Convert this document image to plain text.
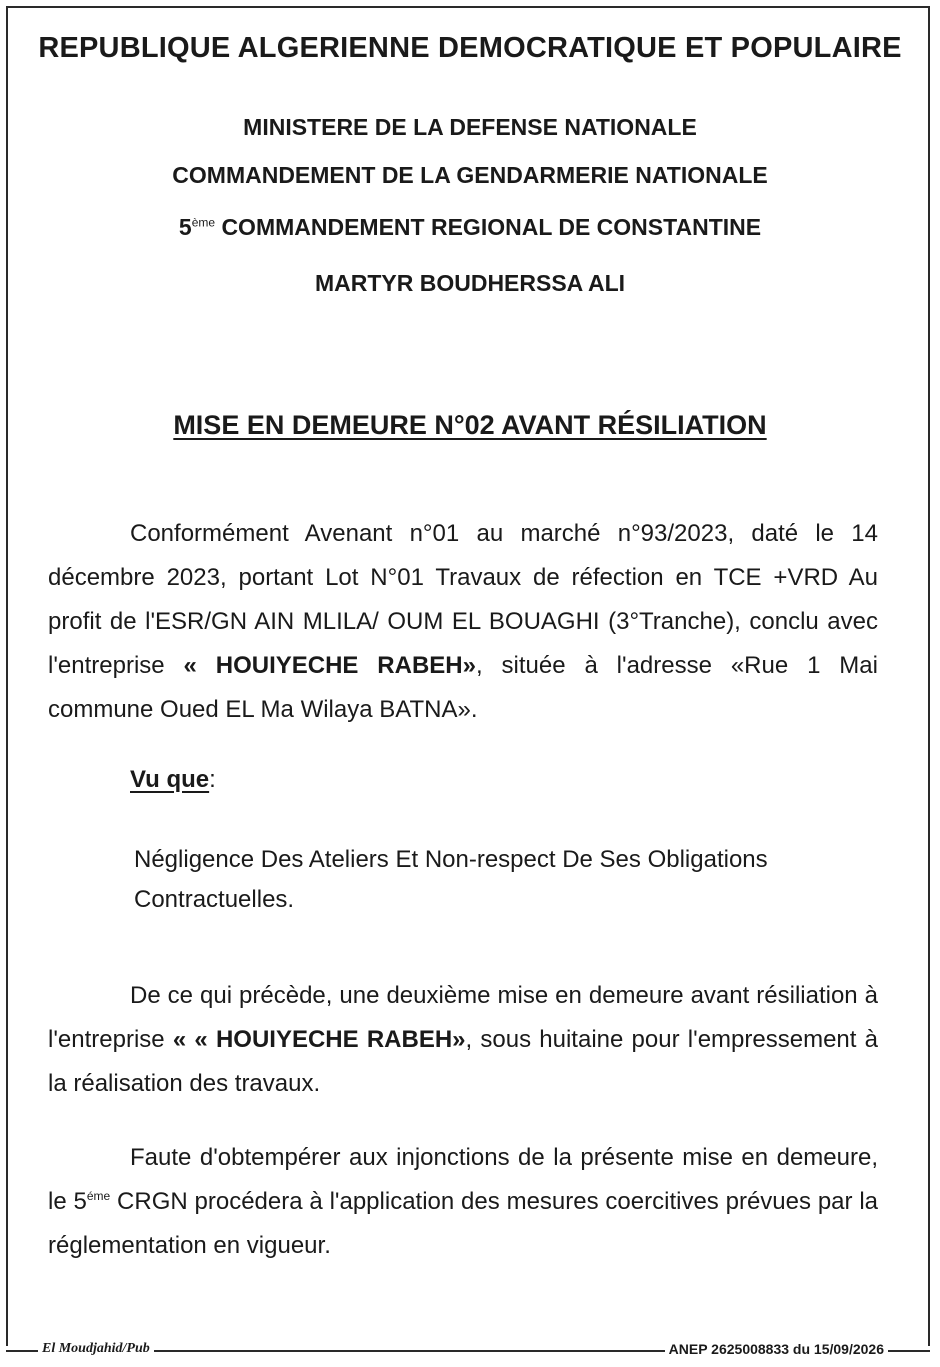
REPUBLIQUE ALGERIENNE DEMOCRATIQUE ET POPULAIRE
MINISTERE DE LA DEFENSE NATIONALE
COMMANDEMENT DE LA GENDARMERIE NATIONALE
5ème COMMANDEMENT REGIONAL DE CONSTANTINE
MARTYR BOUDHERSSA ALI
MISE EN DEMEURE N°02 AVANT RÉSILIATION
Conformément Avenant n°01 au marché n°93/2023, daté le 14 décembre 2023, portant Lot N°01 Travaux de réfection en TCE +VRD Au profit de l'ESR/GN AIN MLILA/ OUM EL BOUAGHI (3°Tranche), conclu avec l'entreprise « HOUIYECHE RABEH», située à l'adresse «Rue 1 Mai commune Oued EL Ma Wilaya BATNA».
Vu que:
Négligence Des Ateliers Et Non-respect De Ses Obligations Contractuelles.
De ce qui précède, une deuxième mise en demeure avant résiliation à l'entreprise « « HOUIYECHE RABEH», sous huitaine pour l'empressement à la réalisation des travaux.
Faute d'obtempérer aux injonctions de la présente mise en demeure, le $5^{éme}$ CRGN procédera à l'application des mesures coercitives prévues par la réglementation en vigueur.
El Moudjahid/Pub	ANEP 2625008833 du 15/09/2026
